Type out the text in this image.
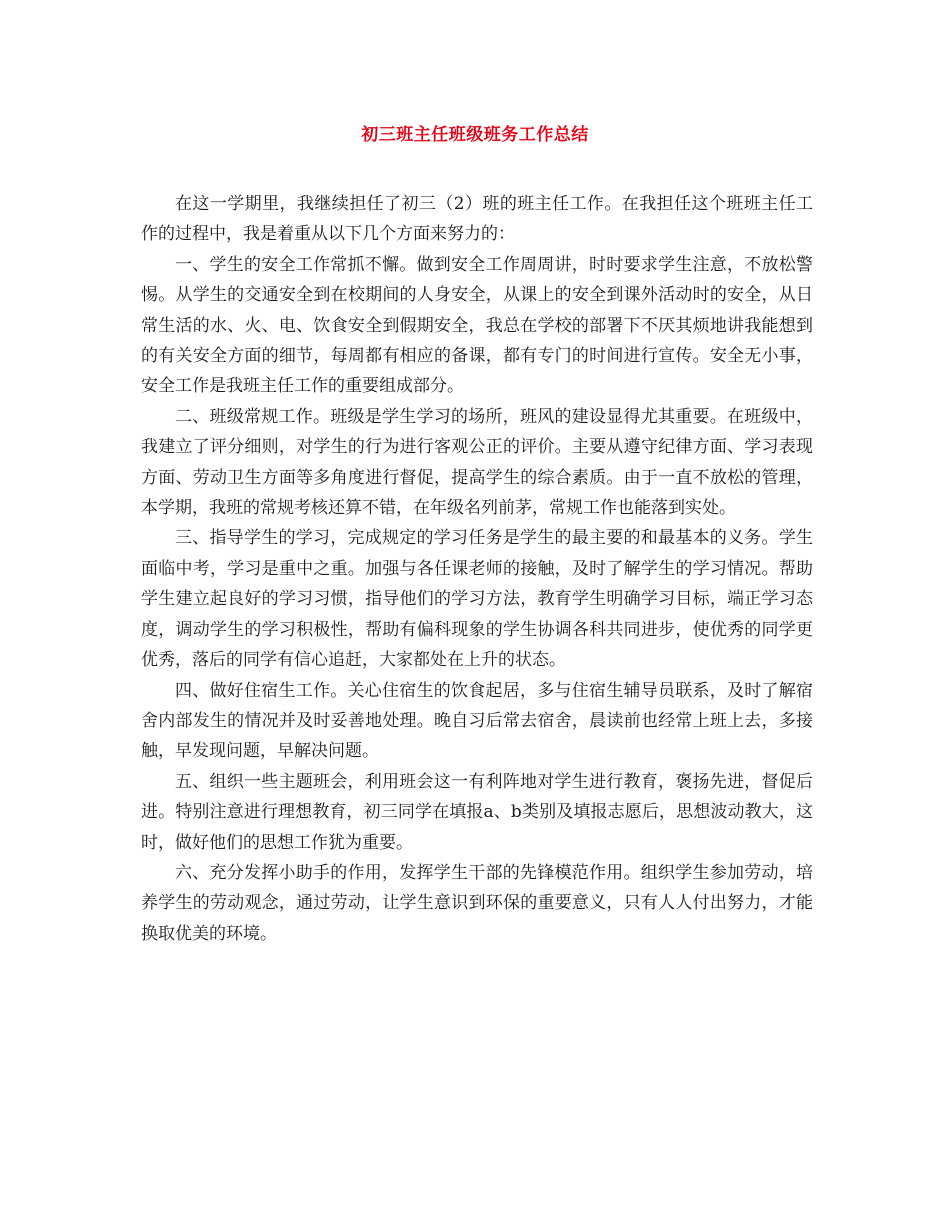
初三班主任班级班务工作总结

在这一学期里，我继续担任了初三（2）班的班主任工作。在我担任这个班班主任工作的过程中，我是着重从以下几个方面来努力的：

一、学生的安全工作常抓不懈。做到安全工作周周讲，时时要求学生注意，不放松警惕。从学生的交通安全到在校期间的人身安全，从课上的安全到课外活动时的安全，从日常生活的水、火、电、饮食安全到假期安全，我总在学校的部署下不厌其烦地讲我能想到的有关安全方面的细节，每周都有相应的备课，都有专门的时间进行宣传。安全无小事，安全工作是我班主任工作的重要组成部分。

二、班级常规工作。班级是学生学习的场所，班风的建设显得尤其重要。在班级中，我建立了评分细则，对学生的行为进行客观公正的评价。主要从遵守纪律方面、学习表现方面、劳动卫生方面等多角度进行督促，提高学生的综合素质。由于一直不放松的管理，本学期，我班的常规考核还算不错，在年级名列前茅，常规工作也能落到实处。

三、指导学生的学习，完成规定的学习任务是学生的最主要的和最基本的义务。学生面临中考，学习是重中之重。加强与各任课老师的接触，及时了解学生的学习情况。帮助学生建立起良好的学习习惯，指导他们的学习方法，教育学生明确学习目标，端正学习态度，调动学生的学习积极性，帮助有偏科现象的学生协调各科共同进步，使优秀的同学更优秀，落后的同学有信心追赶，大家都处在上升的状态。

四、做好住宿生工作。关心住宿生的饮食起居，多与住宿生辅导员联系，及时了解宿舍内部发生的情况并及时妥善地处理。晚自习后常去宿舍，晨读前也经常上班上去，多接触，早发现问题，早解决问题。

五、组织一些主题班会，利用班会这一有利阵地对学生进行教育，褒扬先进，督促后进。特别注意进行理想教育，初三同学在填报a、b类别及填报志愿后，思想波动教大，这时，做好他们的思想工作犹为重要。

六、充分发挥小助手的作用，发挥学生干部的先锋模范作用。组织学生参加劳动，培养学生的劳动观念，通过劳动，让学生意识到环保的重要意义，只有人人付出努力，才能换取优美的环境。
